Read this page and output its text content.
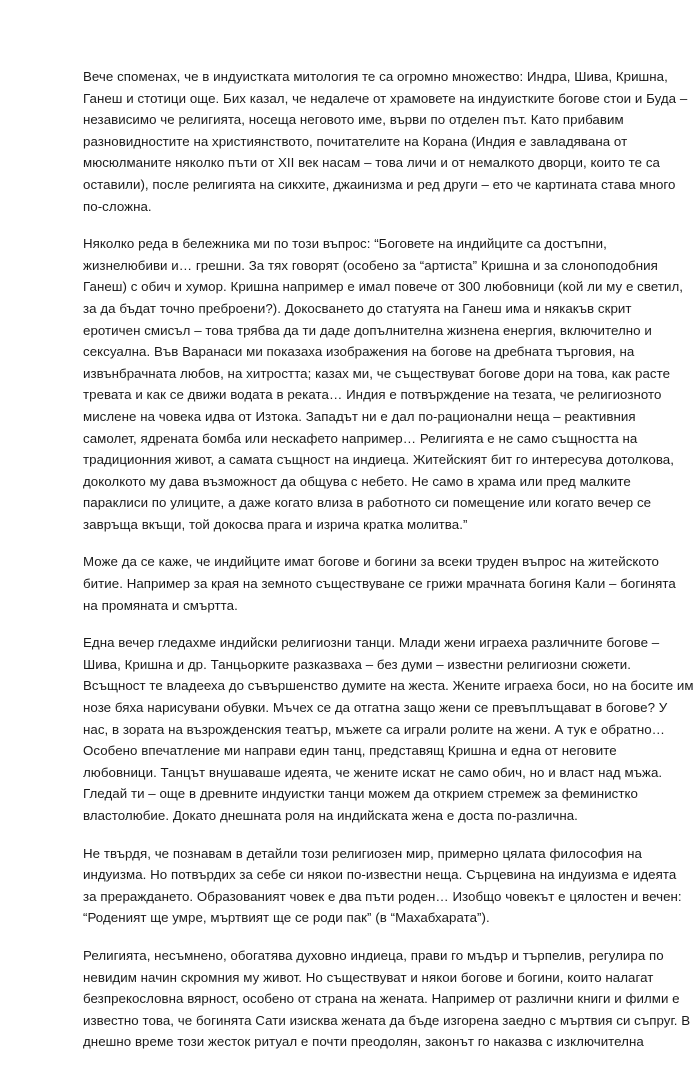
Вече споменах, че в индуистката митология те са огромно множество: Индра, Шива, Кришна,
Ганеш и стотици още. Бих казал, че недалече от храмовете на индуистките богове стои и Буда –
независимо че религията, носеща неговото име, върви по отделен път. Като прибавим
разновидностите на християнството, почитателите на Корана (Индия е завладявана от
мюсюлманите няколко пъти от XII век насам – това личи и от немалкото дворци, които те са
оставили), после религията на сикхите, джаинизма и ред други – ето че картината става много
по-сложна.

Няколко реда в бележника ми по този въпрос: “Боговете на индийците са достъпни,
жизнелюбиви и… грешни. За тях говорят (особено за “артиста” Кришна и за слоноподобния
Ганеш) с обич и хумор. Кришна например е имал повече от 300 любовници (кой ли му е светил,
за да бъдат точно преброени?). Докосването до статуята на Ганеш има и някакъв скрит
еротичен смисъл – това трябва да ти даде допълнителна жизнена енергия, включително и
сексуална. Във Варанаси ми показаха изображения на богове на дребната търговия, на
извънбрачната любов, на хитростта; казах ми, че съществуват богове дори на това, как расте
тревата и как се движи водата в реката… Индия е потвърждение на тезата, че религиозното
мислене на човека идва от Изтока. Западът ни е дал по-рационални неща – реактивния
самолет, ядрената бомба или нескафето например… Религията е не само същността на
традиционния живот, а самата същност на индиеца. Житейският бит го интересува дотолкова,
доколкото му дава възможност да общува с небето. Не само в храма или пред малките
параклиси по улиците, а даже когато влиза в работното си помещение или когато вечер се
завръща вкъщи, той докосва прага и изрича кратка молитва.”

Може да се каже, че индийците имат богове и богини за всеки труден въпрос на житейското
битие. Например за края на земното съществуване се грижи мрачната богиня Кали – богинята
на промяната и смъртта.

Една вечер гледахме индийски религиозни танци. Млади жени играеха различните богове –
Шива, Кришна и др. Танцьорките разказваха – без думи – известни религиозни сюжети.
Всъщност те владееха до съвършенство думите на жеста. Жените играеха боси, но на босите им
нозе бяха нарисувани обувки. Мъчех се да отгатна защо жени се превъплъщават в богове? У
нас, в зората на възрожденския театър, мъжете са играли ролите на жени. А тук е обратно…
Особено впечатление ми направи един танц, представящ Кришна и една от неговите
любовници. Танцът внушаваше идеята, че жените искат не само обич, но и власт над мъжа.
Гледай ти – още в древните индуистки танци можем да открием стремеж за феминистко
властолюбие. Докато днешната роля на индийската жена е доста по-различна.

Не твърдя, че познавам в детайли този религиозен мир, примерно цялата философия на
индуизма. Но потвърдих за себе си някои по-известни неща. Сърцевина на индуизма е идеята
за прераждането. Образованият човек е два пъти роден… Изобщо човекът е цялостен и вечен:
“Роденият ще умре, мъртвият ще се роди пак” (в “Махабхарата”).

Религията, несъмнено, обогатява духовно индиеца, прави го мъдър и търпелив, регулира по
невидим начин скромния му живот. Но съществуват и някои богове и богини, които налагат
безпрекословна вярност, особено от страна на жената. Например от различни книги и филми е
известно това, че богинята Сати изисква жената да бъде изгорена заедно с мъртвия си съпруг. В
днешно време този жесток ритуал е почти преодолян, законът го наказва с изключителна
